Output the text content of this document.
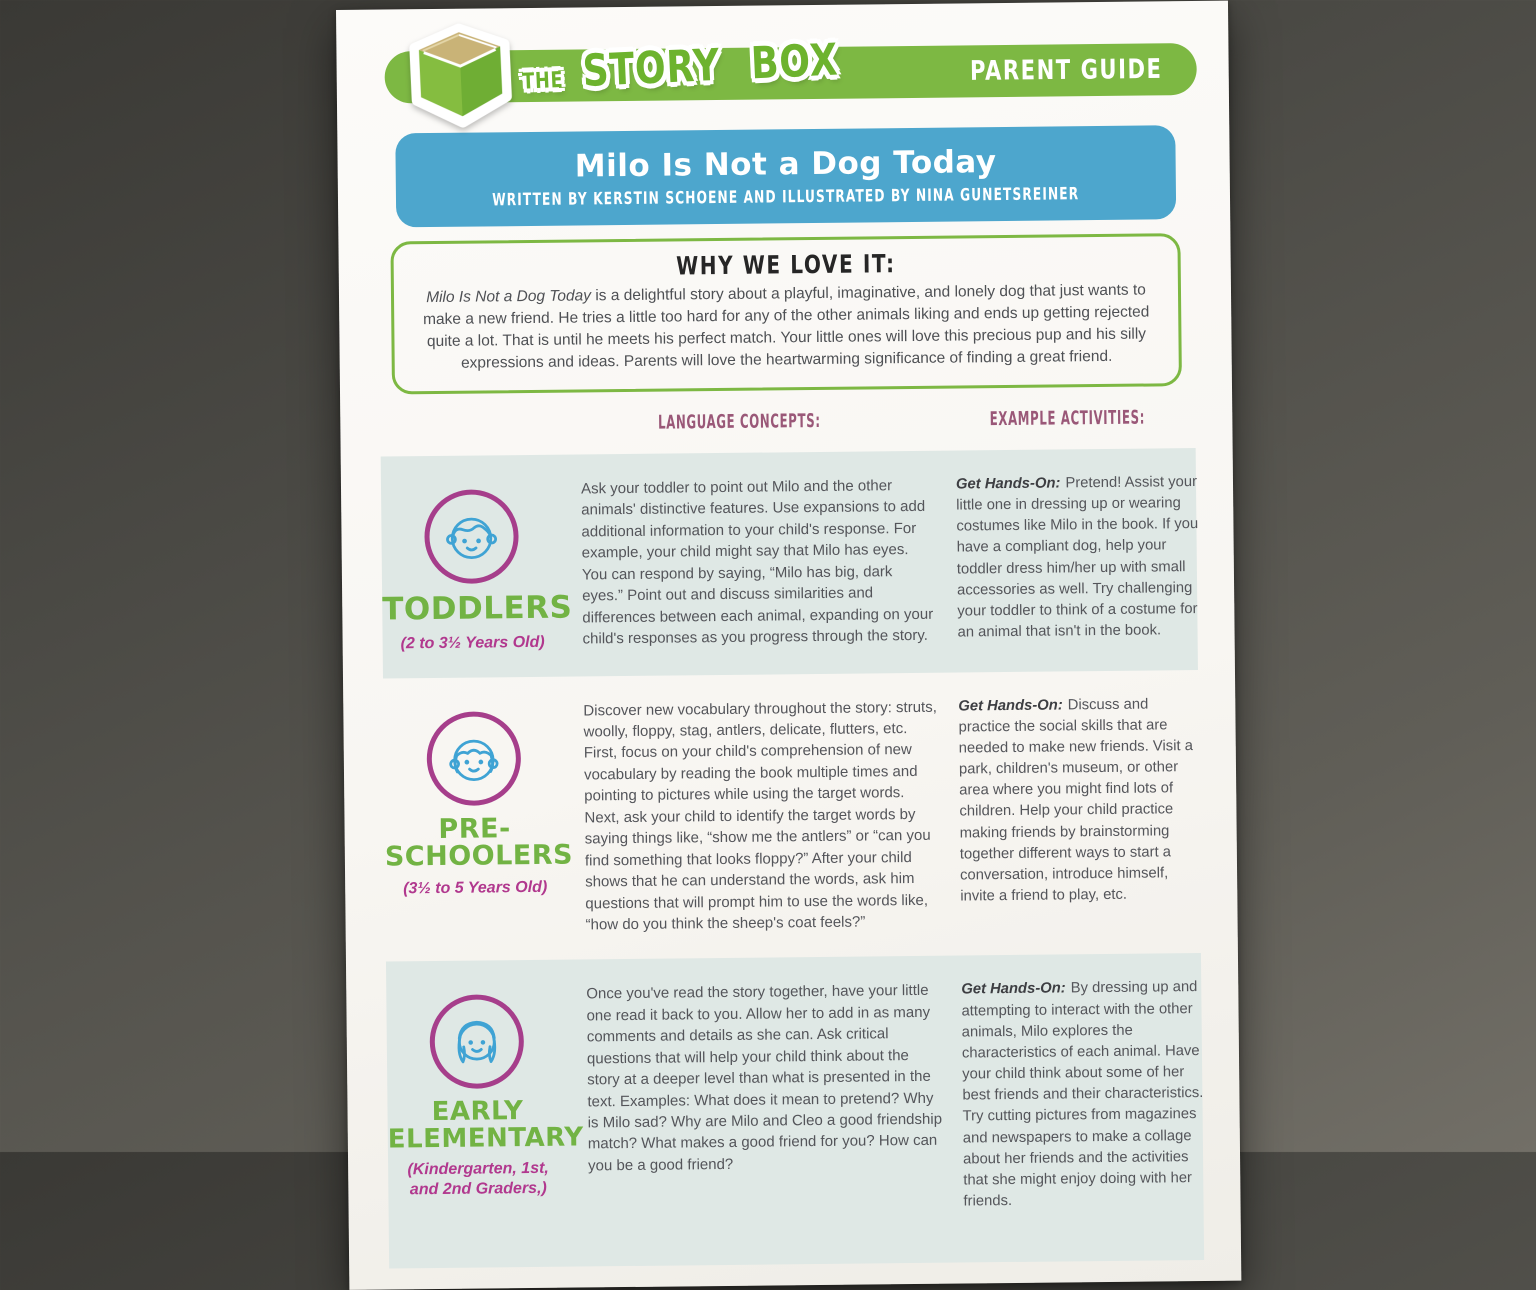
PARENT GUIDE
THE STORY BOX
Milo Is Not a Dog Today
WRITTEN BY KERSTIN SCHOENE AND ILLUSTRATED BY NINA GUNETSREINER
WHY WE LOVE IT:

Milo Is Not a Dog Today is a delightful story about a playful, imaginative, and lonely dog that just wants to make a new friend. He tries a little too hard for any of the other animals liking and ends up getting rejected quite a lot. That is until he meets his perfect match. Your little ones will love this precious pup and his silly expressions and ideas. Parents will love the heartwarming significance of finding a great friend.

LANGUAGE CONCEPTS:	EXAMPLE ACTIVITIES:
TODDLERS
(2 to 3½ Years Old)
Ask your toddler to point out Milo and the other animals' distinctive features. Use expansions to add additional information to your child's response. For example, your child might say that Milo has eyes. You can respond by saying, “Milo has big, dark eyes.” Point out and discuss similarities and differences between each animal, expanding on your child's responses as you progress through the story.
Get Hands-On: Pretend! Assist your little one in dressing up or wearing costumes like Milo in the book. If you have a compliant dog, help your toddler dress him/her up with small accessories as well. Try challenging your toddler to think of a costume for an animal that isn't in the book.
PRE-
SCHOOLERS
(3½ to 5 Years Old)
Discover new vocabulary throughout the story: struts, woolly, floppy, stag, antlers, delicate, flutters, etc. First, focus on your child's comprehension of new vocabulary by reading the book multiple times and pointing to pictures while using the target words. Next, ask your child to identify the target words by saying things like, “show me the antlers” or “can you find something that looks floppy?” After your child shows that he can understand the words, ask him questions that will prompt him to use the words like, “how do you think the sheep's coat feels?”
Get Hands-On: Discuss and practice the social skills that are needed to make new friends. Visit a park, children's museum, or other area where you might find lots of children. Help your child practice making friends by brainstorming together different ways to start a conversation, introduce himself, invite a friend to play, etc.
EARLY
ELEMENTARY
(Kindergarten, 1st,
and 2nd Graders,)
Once you've read the story together, have your little one read it back to you. Allow her to add in as many comments and details as she can. Ask critical questions that will help your child think about the story at a deeper level than what is presented in the text. Examples: What does it mean to pretend? Why is Milo sad? Why are Milo and Cleo a good friendship match? What makes a good friend for you? How can you be a good friend?
Get Hands-On: By dressing up and attempting to interact with the other animals, Milo explores the characteristics of each animal. Have your child think about some of her best friends and their characteristics. Try cutting pictures from magazines and newspapers to make a collage about her friends and the activities that she might enjoy doing with her friends.
